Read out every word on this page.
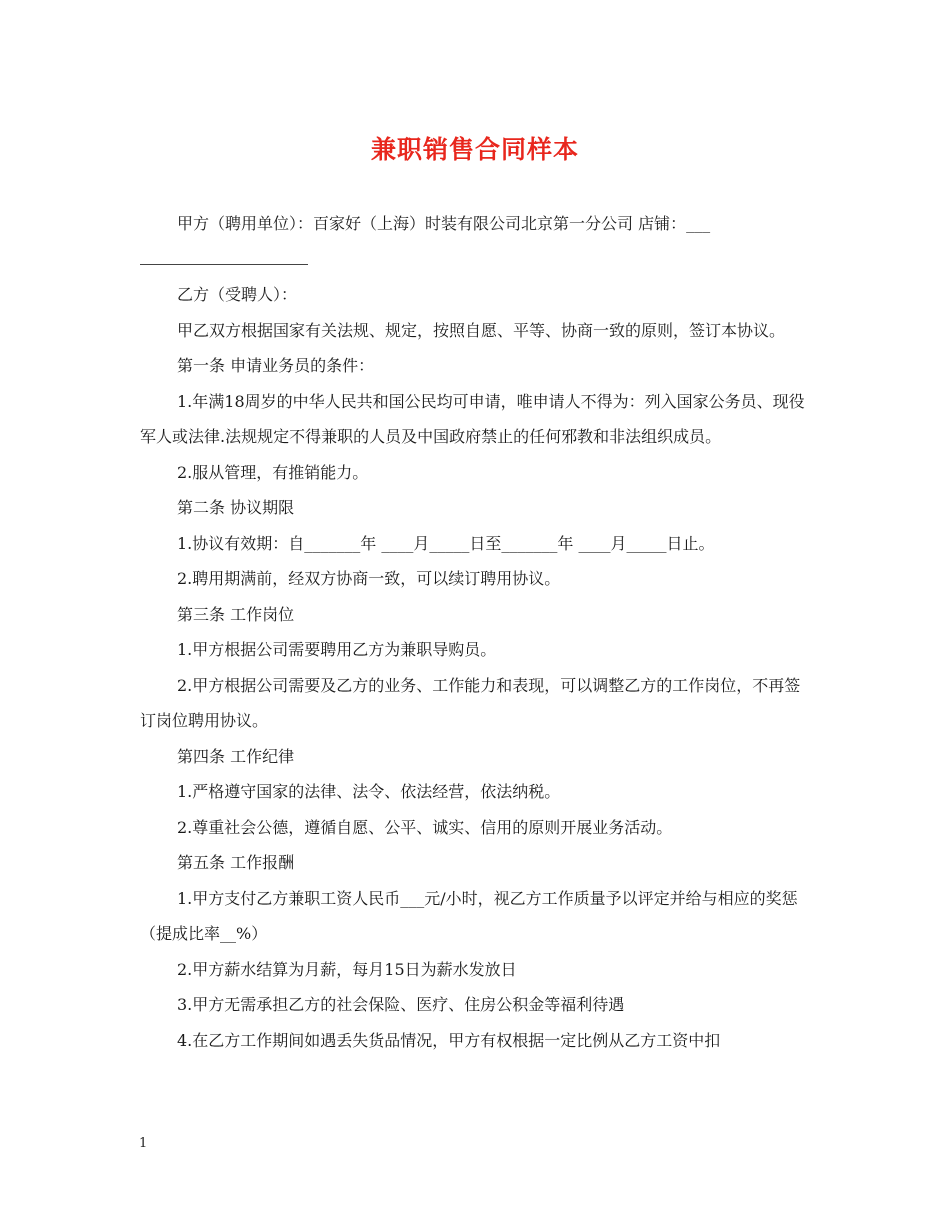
兼职销售合同样本

甲方（聘用单位）：百家好（上海）时装有限公司北京第一分公司 店铺：___

乙方（受聘人）：

甲乙双方根据国家有关法规、规定，按照自愿、平等、协商一致的原则，签订本协议。

第一条 申请业务员的条件：

1.年满18周岁的中华人民共和国公民均可申请，唯申请人不得为：列入国家公务员、现役军人或法律.法规规定不得兼职的人员及中国政府禁止的任何邪教和非法组织成员。

2.服从管理，有推销能力。

第二条 协议期限

1.协议有效期：自_______年 ____月_____日至_______年 ____月_____日止。

2.聘用期满前，经双方协商一致，可以续订聘用协议。

第三条 工作岗位

1.甲方根据公司需要聘用乙方为兼职导购员。

2.甲方根据公司需要及乙方的业务、工作能力和表现，可以调整乙方的工作岗位，不再签订岗位聘用协议。

第四条 工作纪律

1.严格遵守国家的法律、法令、依法经营，依法纳税。

2.尊重社会公德，遵循自愿、公平、诚实、信用的原则开展业务活动。

第五条 工作报酬

1.甲方支付乙方兼职工资人民币___元/小时，视乙方工作质量予以评定并给与相应的奖惩（提成比率__%）

2.甲方薪水结算为月薪，每月15日为薪水发放日

3.甲方无需承担乙方的社会保险、医疗、住房公积金等福利待遇

4.在乙方工作期间如遇丢失货品情况，甲方有权根据一定比例从乙方工资中扣

1
